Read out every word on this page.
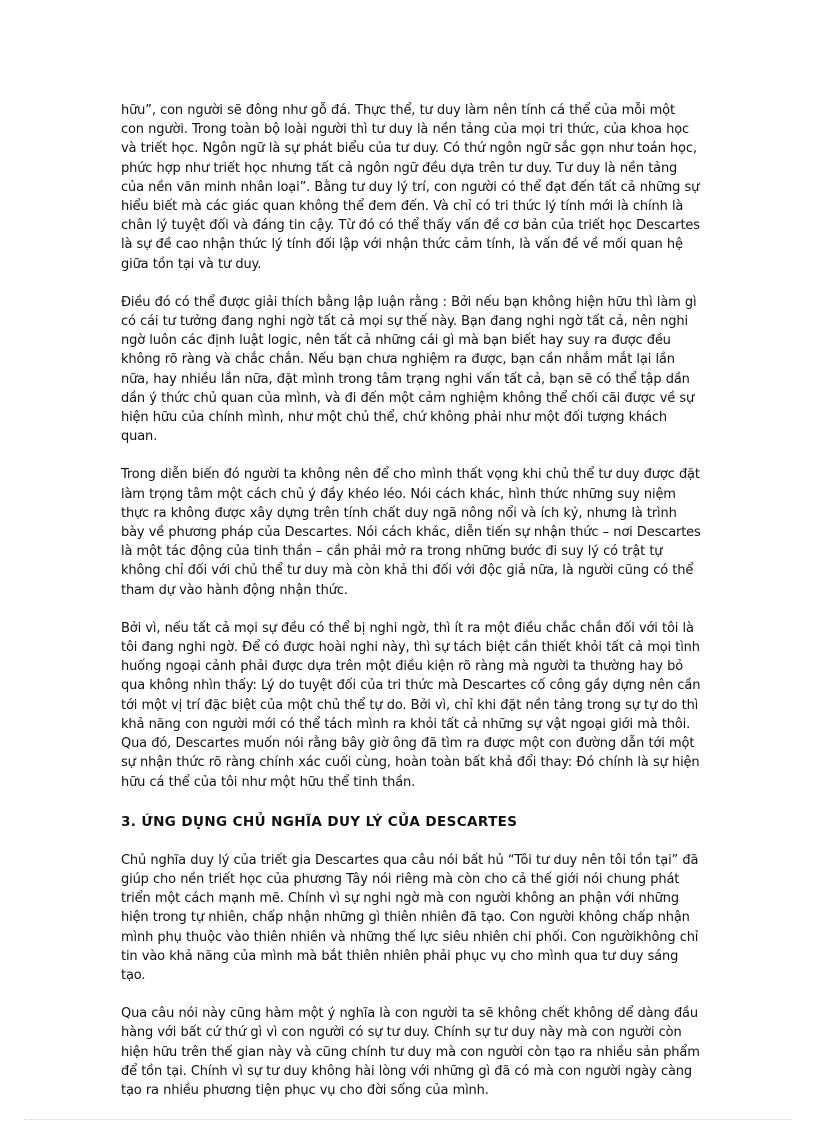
hữu”, con người sẽ đông như gỗ đá. Thực thể, tư duy làm nên tính cá thể của mỗi một con người. Trong toàn bộ loài người thì tư duy là nền tảng của mọi tri thức, của khoa học và triết học. Ngôn ngữ là sự phát biểu của tư duy. Có thứ ngôn ngữ sắc gọn như toán học, phức hợp như triết học nhưng tất cả ngôn ngữ đều dựa trên tư duy. Tư duy là nền tảng của nền văn minh nhân loại”. Bằng tư duy lý trí, con người có thể đạt đến tất cả những sự hiểu biết mà các giác quan không thể đem đến. Và chỉ có tri thức lý tính mới là chính là chân lý tuyệt đối và đáng tin cậy. Từ đó có thể thấy vấn đề cơ bản của triết học Descartes là sự đề cao nhận thức lý tính đối lập với nhận thức cảm tính, là vấn đề về mối quan hệ giữa tồn tại và tư duy.

Điều đó có thể được giải thích bằng lập luận rằng : Bởi nếu bạn không hiện hữu thì làm gì có cái tư tưởng đang nghi ngờ tất cả mọi sự thế này. Bạn đang nghi ngờ tất cả, nên nghi ngờ luôn các định luật logic, nên tất cả những cái gì mà bạn biết hay suy ra được đều không rõ ràng và chắc chắn. Nếu bạn chưa nghiệm ra được, bạn cần nhắm mắt lại lần nữa, hay nhiều lần nữa, đặt mình trong tâm trạng nghi vấn tất cả, bạn sẽ có thể tập dần dần ý thức chủ quan của mình, và đi đến một cảm nghiệm không thể chối cãi được về sự hiện hữu của chính mình, như một chủ thể, chứ không phải như một đối tượng khách quan.

Trong diễn biến đó người ta không nên để cho mình thất vọng khi chủ thể tư duy được đặt làm trọng tâm một cách chủ ý đầy khéo léo. Nói cách khác, hình thức những suy niệm thực ra không được xây dựng trên tính chất duy ngã nông nổi và ích kỷ, nhưng là trình bày về phương pháp của Descartes. Nói cách khác, diễn tiến sự nhận thức – nơi Descartes là một tác động của tinh thần – cần phải mở ra trong những bước đi suy lý có trật tự không chỉ đối với chủ thể tư duy mà còn khả thi đối với độc giả nữa, là người cũng có thể tham dự vào hành động nhận thức.

Bởi vì, nếu tất cả mọi sự đều có thể bị nghi ngờ, thì ít ra một điều chắc chắn đối với tôi là tôi đang nghi ngờ. Để có được hoài nghi này, thì sự tách biệt cần thiết khỏi tất cả mọi tình huống ngoại cảnh phải được dựa trên một điều kiện rõ ràng mà người ta thường hay bỏ qua không nhìn thấy: Lý do tuyệt đối của tri thức mà Descartes cố công gầy dựng nên cần tới một vị trí đặc biệt của một chủ thể tự do. Bởi vì, chỉ khi đặt nền tảng trong sự tự do thì khả năng con người mới có thể tách mình ra khỏi tất cả những sự vật ngoại giới mà thôi. Qua đó, Descartes muốn nói rằng bây giờ ông đã tìm ra được một con đường dẫn tới một sự nhận thức rõ ràng chính xác cuối cùng, hoàn toàn bất khả đổi thay: Đó chính là sự hiện hữu cá thể của tôi như một hữu thể tinh thần.

3. ỨNG DỤNG CHỦ NGHĨA DUY LÝ CỦA DESCARTES

Chủ nghĩa duy lý của triết gia Descartes qua câu nói bất hủ “Tôi tư duy nên tôi tồn tại” đã giúp cho nền triết học của phương Tây nói riêng mà còn cho cả thế giới nói chung phát triển một cách mạnh mẽ. Chính vì sự nghi ngờ mà con người không an phận với những hiện trong tự nhiên, chấp nhận những gì thiên nhiên đã tạo. Con người không chấp nhận mình phụ thuộc vào thiên nhiên và những thế lực siêu nhiên chi phối. Con ngườikhông chỉ tin vào khả năng của mình mà bắt thiên nhiên phải phục vụ cho mình qua tư duy sáng tạo.

Qua câu nói này cũng hàm một ý nghĩa là con người ta sẽ không chết không dể dàng đầu hàng với bất cứ thứ gì vì con người có sự tư duy. Chính sự tư duy này mà con người còn hiện hữu trên thế gian này và cũng chính tư duy mà con người còn tạo ra nhiều sản phẩm để tồn tại. Chính vì sự tư duy không hài lòng với những gì đã có mà con người ngày càng tạo ra nhiều phương tiện phục vụ cho đời sống của mình.
